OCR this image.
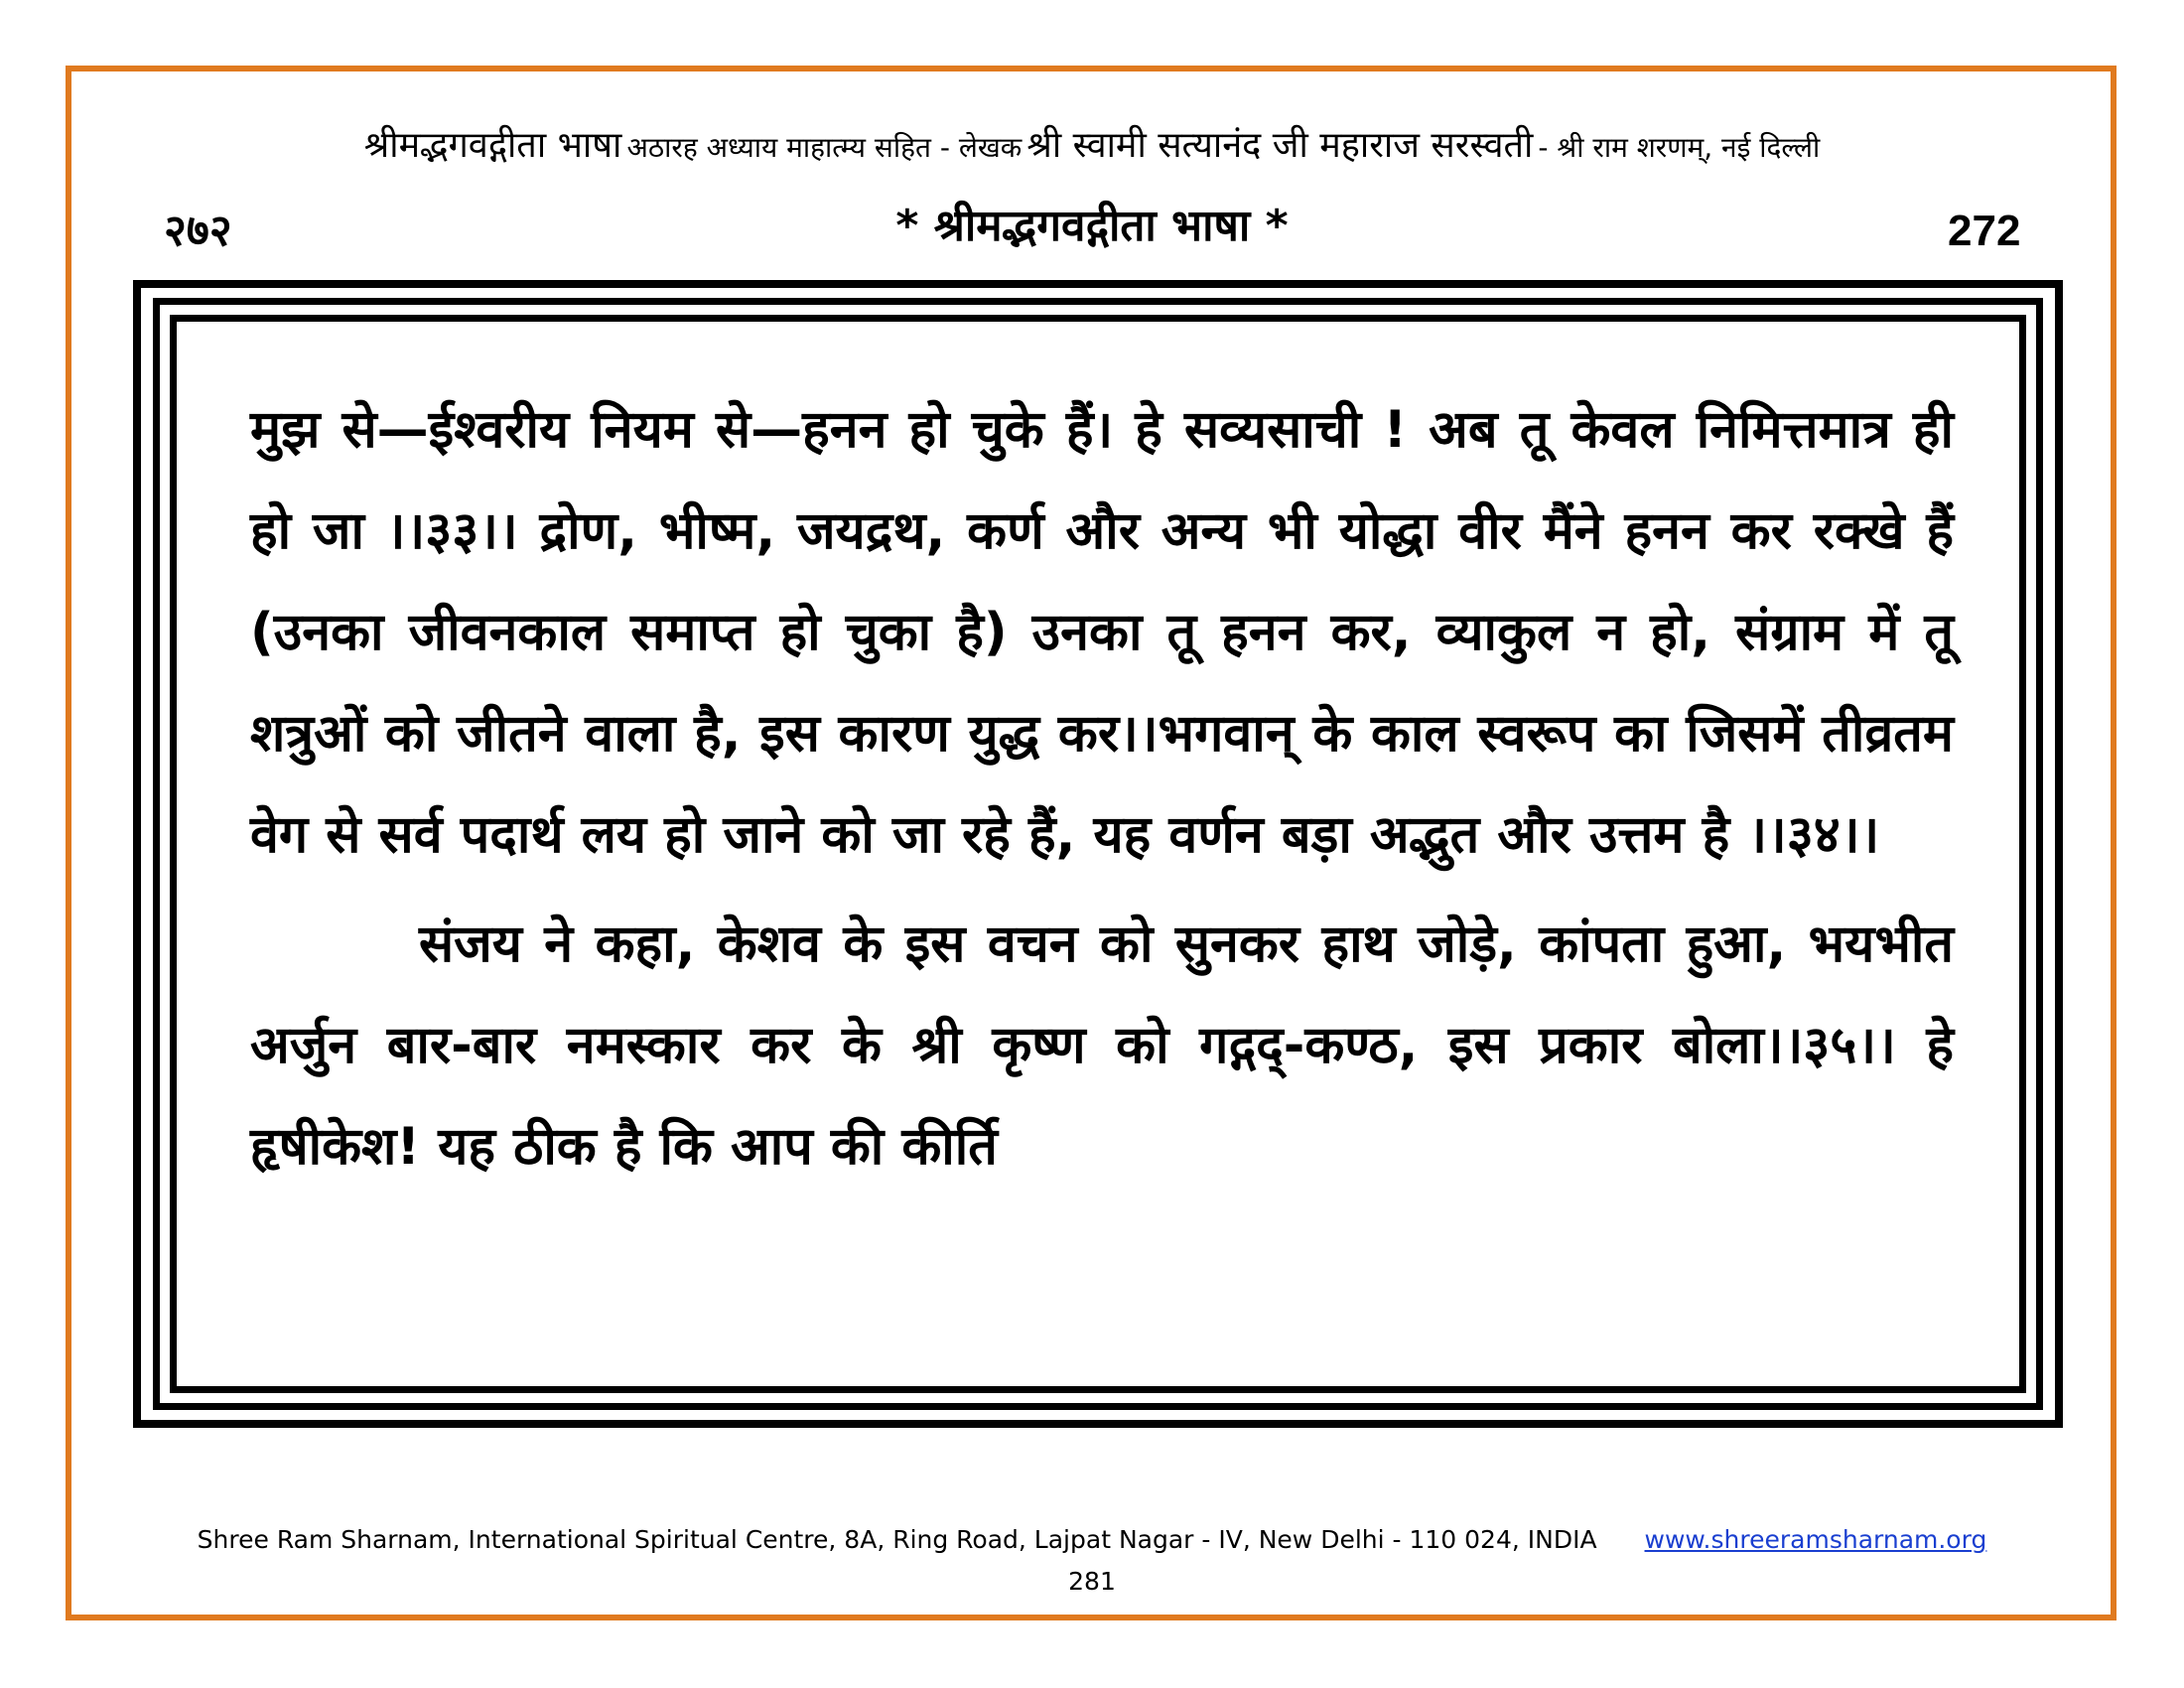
श्रीमद्भगवद्गीता भाषा अठारह अध्याय माहात्म्य सहित - लेखक श्री स्वामी सत्यानंद जी महाराज सरस्वती - श्री राम शरणम्, नई दिल्ली
२७२	* श्रीमद्भगवद्गीता भाषा *	272

मुझ से—ईश्वरीय नियम से—हनन हो चुके हैं। हे सव्यसाची ! अब तू केवल निमित्तमात्र ही हो जा ।।३३।। द्रोण, भीष्म, जयद्रथ, कर्ण और अन्य भी योद्धा वीर मैंने हनन कर रक्खे हैं (उनका जीवनकाल समाप्त हो चुका है) उनका तू हनन कर, व्याकुल न हो, संग्राम में तू शत्रुओं को जीतने वाला है, इस कारण युद्ध कर।।भगवान् के काल स्वरूप का जिसमें तीव्रतम वेग से सर्व पदार्थ लय हो जाने को जा रहे हैं, यह वर्णन बड़ा अद्भुत और उत्तम है ।।३४।।

संजय ने कहा, केशव के इस वचन को सुनकर हाथ जोड़े, कांपता हुआ, भयभीत अर्जुन बार-बार नमस्कार कर के श्री कृष्ण को गद्गद्-कण्ठ, इस प्रकार बोला।।३५।। हे हृषीकेश! यह ठीक है कि आप की कीर्ति

Shree Ram Sharnam, International Spiritual Centre, 8A, Ring Road, Lajpat Nagar - IV, New Delhi - 110 024, INDIA www.shreeramsharnam.org
281
